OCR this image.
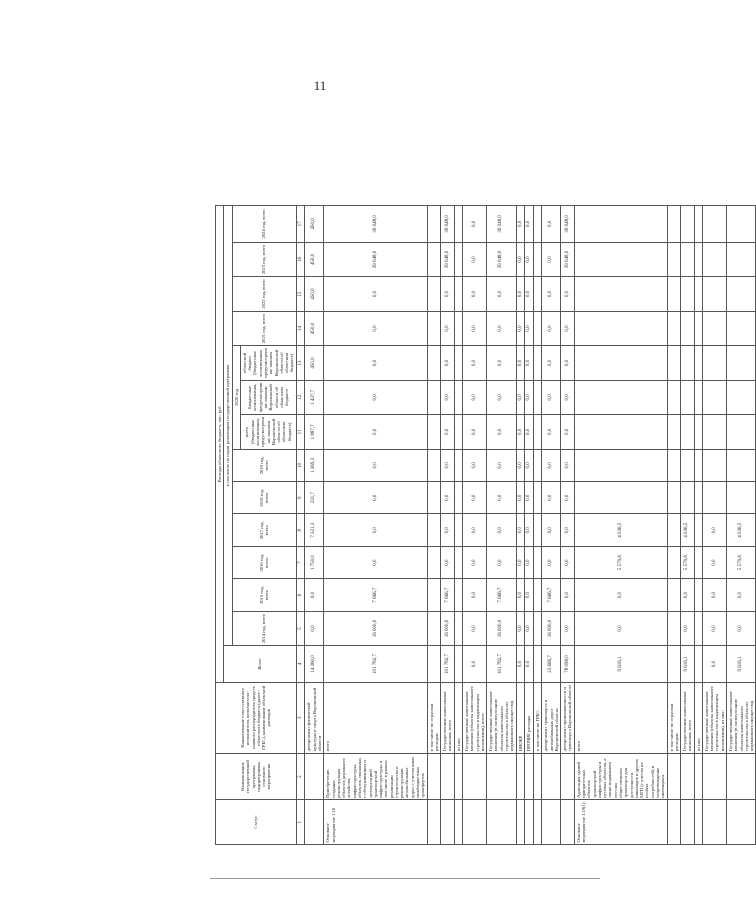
11
Статус	Наименование государственной программы, подпрограммы, основного мероприятия	Наименование ответственного исполнителя, исполнителя - главного распорядителя средств областного бюджета (далее - ГРБС), наименование объектной расходов	Расходы областного бюджета, тыс. руб.													
			Всего	в том числе по годам реализации государственной программы												
				2014 год, всего	2015 год, всего	2016 год, всего	2017 год, всего	2018 год, всего	2019 год, всего	2020 год			2021 год, всего	2022 год, всего	2023 год, всего	2024 год, всего
										всего (бюджетные ассигнования, предусмотренные законом Воронежской области об областном бюджете)	Бюджетные ассигнования, предусмотренные законом Воронежской области об областном бюджете	областной бюджет (бюджетные ассигнования, предусмотренные законом Воронежской области об областном бюджете)				
1	2	3	4	5	6	7	8	9	10	11	12	13	14	15	16	17
		департамент физической культуры и спорта Воронежской области	14 360,0	0,0	0,0	1 750,0	7 321,3	231,7	1 369,3	1 887,7	1 437,7	450,0	450,0	450,0	450,0	450,0
Основное мероприятие 1.18	Приобретение, создание, реконструкция объектов дорожного хозяйства, инфраструктуры, объектов, связанных с обслуживанием и эксплуатацией транспортной инфраструктуры, в том числе в рамках реализации строительства и реконструкции автомобильных дорог, с учетом иных межбюджетных трансфертов	всего	101 782,7	16 000,0	7 666,7	0,0	0,0	0,0	0,0	0,0	0,0	0,0	0,0	0,0	39 048,0	39 048,0
		в том числе по отраслям расходов:														
		Государственные капитальные вложения, всего	101 782,7	16 000,0	7 666,7	0,0	0,0	0,0	0,0	0,0	0,0	0,0	0,0	0,0	39 048,0	39 048,0
		из них:														
		Государственные капитальные вложения (объекты капитального строительства в надлежащем исполнении), всего:	0,0	0,0	0,0	0,0	0,0	0,0	0,0	0,0	0,0	0,0	0,0	0,0	0,0	0,0
		Государственные капитальные вложения (в эксплуатацию объектов капитального строительства в объектах недвижимого имущества)	101 782,7	16 000,0	7 666,7	0,0	0,0	0,0	0,0	0,0	0,0	0,0	0,0	0,0	39 048,0	39 048,0
		НИОКР	0,0	0,0	0,0	0,0	0,0	0,0	0,0	0,0	0,0	0,0	0,0	0,0	0,0	0,0
		ПРОЧИЕ расходы	0,0	0,0	0,0	0,0	0,0	0,0	0,0	0,0	0,0	0,0	0,0	0,0	0,0	0,0
		в том числе по ГРБС:														
		департамент транспорта и автомобильных дорог Воронежской области	23 666,7	16 000,0	7 666,7	0,0	0,0	0,0	0,0	0,0	0,0	0,0	0,0	0,0	0,0	0,0
		департамент промышленности и транспорта Воронежской области	78 098,0	0,0	0,0	0,0	0,0	0,0	0,0	0,0	0,0	0,0	0,0	0,0	39 048,0	39 048,0
Основное мероприятие 1.19(1)	Адаптация зданий приоритетных объектов транспортной инфраструктуры и путевых объектов, а также подвижного состава общественного транспорта для доступности инвалидов и других МГН (с учетом их особых потребностей) и сопровождение имеющихся	всего	9 616,1	0,0	0,0	5 579,6	4 036,5									
		в том числе по отраслям расходов:														
		Государственные капитальные вложения, всего	9 616,1	0,0	0,0	5 579,6	4 036,5									
		из них:														
		Государственные капитальные вложения (объекты капитального строительства в надлежащем исполнении), из них:	0,0	0,0	0,0	0,0	0,0									
		Государственные капитальные вложения (в эксплуатацию объектов капитального строительства в объектах недвижимого имущества)	9 616,1	0,0	0,0	5 579,6	4 036,5									
